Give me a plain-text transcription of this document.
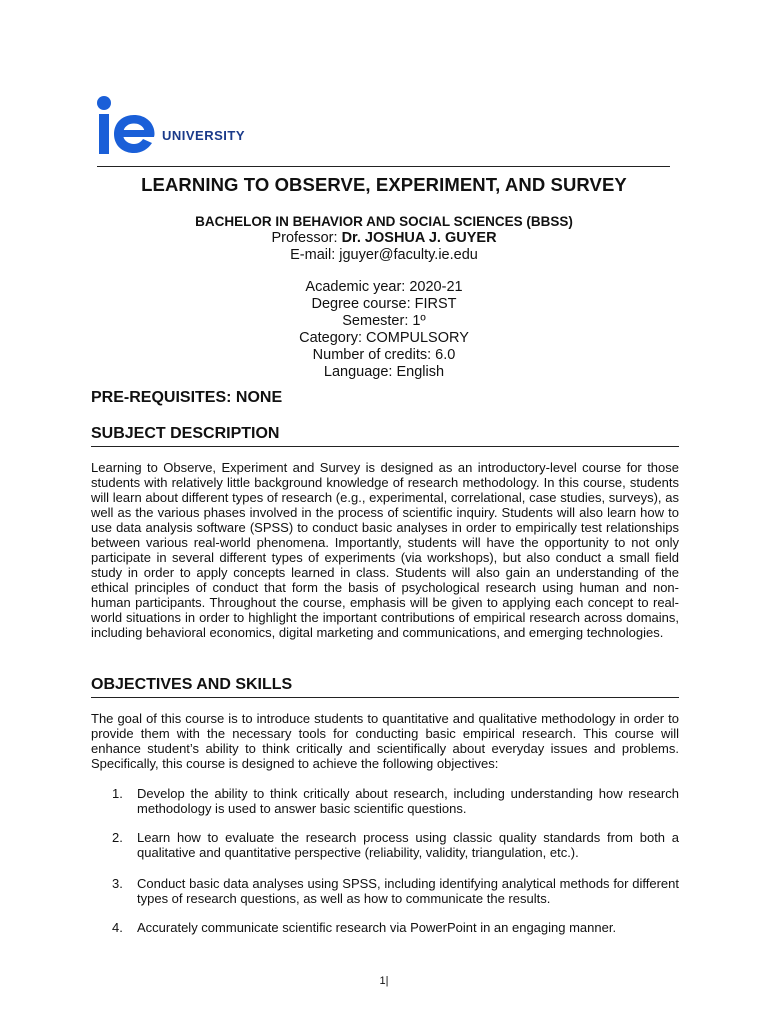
UNIVERSITY
LEARNING TO OBSERVE, EXPERIMENT, AND SURVEY
BACHELOR IN BEHAVIOR AND SOCIAL SCIENCES (BBSS)
Professor: Dr. JOSHUA J. GUYER
E-mail: jguyer@faculty.ie.edu
Academic year: 2020-21
Degree course: FIRST
Semester: 1º
Category: COMPULSORY
Number of credits: 6.0
Language: English
PRE-REQUISITES: NONE
SUBJECT DESCRIPTION

Learning to Observe, Experiment and Survey is designed as an introductory-level course for those students with relatively little background knowledge of research methodology. In this course, students will learn about different types of research (e.g., experimental, correlational, case studies, surveys), as well as the various phases involved in the process of scientific inquiry. Students will also learn how to use data analysis software (SPSS) to conduct basic analyses in order to empirically test relationships between various real-world phenomena. Importantly, students will have the opportunity to not only participate in several different types of experiments (via workshops), but also conduct a small field study in order to apply concepts learned in class. Students will also gain an understanding of the ethical principles of conduct that form the basis of psychological research using human and non-human participants. Throughout the course, emphasis will be given to applying each concept to real-world situations in order to highlight the important contributions of empirical research across domains, including behavioral economics, digital marketing and communications, and emerging technologies.

OBJECTIVES AND SKILLS

The goal of this course is to introduce students to quantitative and qualitative methodology in order to provide them with the necessary tools for conducting basic empirical research. This course will enhance student’s ability to think critically and scientifically about everyday issues and problems. Specifically, this course is designed to achieve the following objectives:

1. Develop the ability to think critically about research, including understanding how research methodology is used to answer basic scientific questions.
2. Learn how to evaluate the research process using classic quality standards from both a qualitative and quantitative perspective (reliability, validity, triangulation, etc.).
3. Conduct basic data analyses using SPSS, including identifying analytical methods for different types of research questions, as well as how to communicate the results.
4. Accurately communicate scientific research via PowerPoint in an engaging manner.
1|
